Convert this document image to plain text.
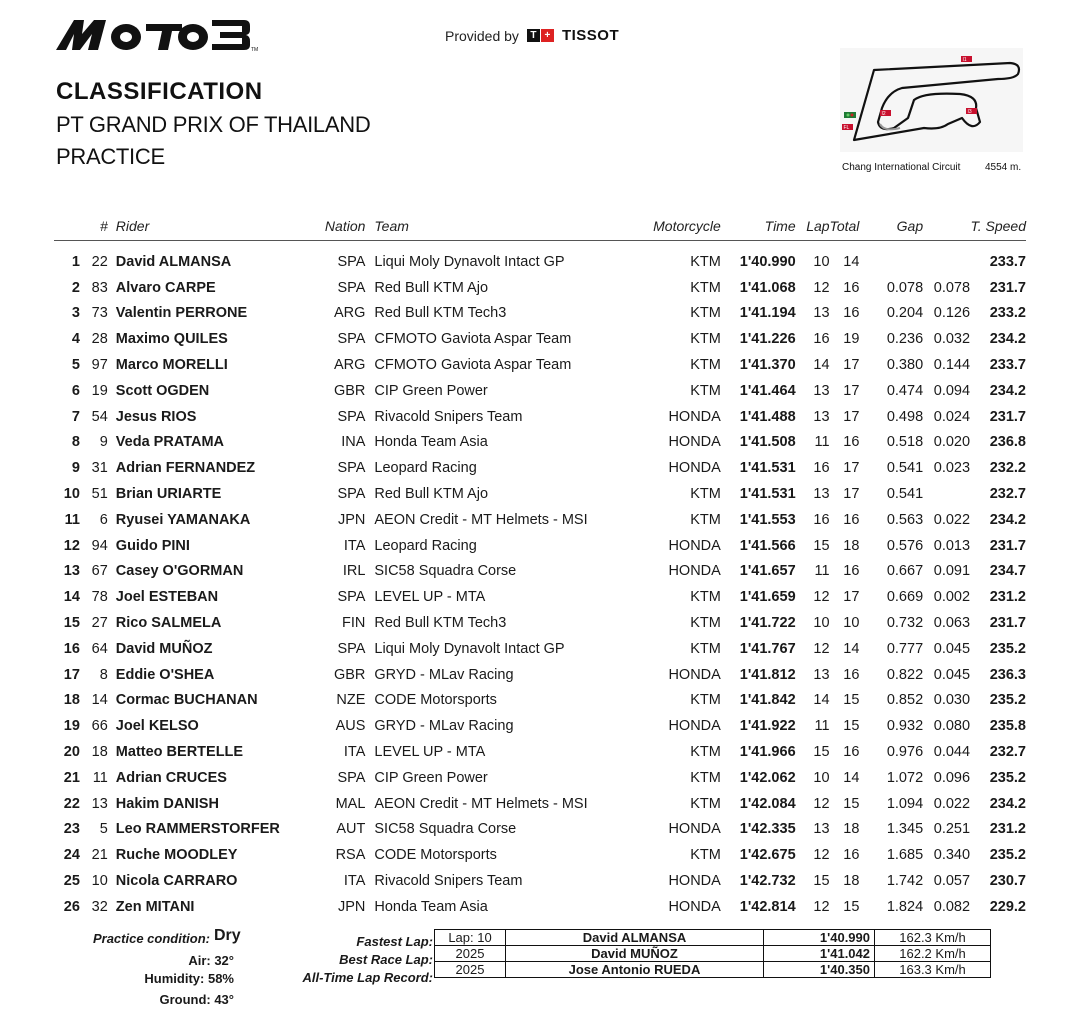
TM
Provided by	T + TISSOT
CLASSIFICATION
PT GRAND PRIX OF THAILAND
PRACTICE
I1
I2	I3
FL
Chang International Circuit 4554 m.
	#	Rider	Nation	Team	Motorcycle	Time	Lap	Total	Gap		T. Speed
1	22	David ALMANSA	SPA	Liqui Moly Dynavolt Intact GP	KTM	1'40.990	10	14			233.7
2	83	Alvaro CARPE	SPA	Red Bull KTM Ajo	KTM	1'41.068	12	16	0.078	0.078	231.7
3	73	Valentin PERRONE	ARG	Red Bull KTM Tech3	KTM	1'41.194	13	16	0.204	0.126	233.2
4	28	Maximo QUILES	SPA	CFMOTO Gaviota Aspar Team	KTM	1'41.226	16	19	0.236	0.032	234.2
5	97	Marco MORELLI	ARG	CFMOTO Gaviota Aspar Team	KTM	1'41.370	14	17	0.380	0.144	233.7
6	19	Scott OGDEN	GBR	CIP Green Power	KTM	1'41.464	13	17	0.474	0.094	234.2
7	54	Jesus RIOS	SPA	Rivacold Snipers Team	HONDA	1'41.488	13	17	0.498	0.024	231.7
8	9	Veda PRATAMA	INA	Honda Team Asia	HONDA	1'41.508	11	16	0.518	0.020	236.8
9	31	Adrian FERNANDEZ	SPA	Leopard Racing	HONDA	1'41.531	16	17	0.541	0.023	232.2
10	51	Brian URIARTE	SPA	Red Bull KTM Ajo	KTM	1'41.531	13	17	0.541		232.7
11	6	Ryusei YAMANAKA	JPN	AEON Credit - MT Helmets - MSI	KTM	1'41.553	16	16	0.563	0.022	234.2
12	94	Guido PINI	ITA	Leopard Racing	HONDA	1'41.566	15	18	0.576	0.013	231.7
13	67	Casey O'GORMAN	IRL	SIC58 Squadra Corse	HONDA	1'41.657	11	16	0.667	0.091	234.7
14	78	Joel ESTEBAN	SPA	LEVEL UP - MTA	KTM	1'41.659	12	17	0.669	0.002	231.2
15	27	Rico SALMELA	FIN	Red Bull KTM Tech3	KTM	1'41.722	10	10	0.732	0.063	231.7
16	64	David MUÑOZ	SPA	Liqui Moly Dynavolt Intact GP	KTM	1'41.767	12	14	0.777	0.045	235.2
17	8	Eddie O'SHEA	GBR	GRYD - MLav Racing	HONDA	1'41.812	13	16	0.822	0.045	236.3
18	14	Cormac BUCHANAN	NZE	CODE Motorsports	KTM	1'41.842	14	15	0.852	0.030	235.2
19	66	Joel KELSO	AUS	GRYD - MLav Racing	HONDA	1'41.922	11	15	0.932	0.080	235.8
20	18	Matteo BERTELLE	ITA	LEVEL UP - MTA	KTM	1'41.966	15	16	0.976	0.044	232.7
21	11	Adrian CRUCES	SPA	CIP Green Power	KTM	1'42.062	10	14	1.072	0.096	235.2
22	13	Hakim DANISH	MAL	AEON Credit - MT Helmets - MSI	KTM	1'42.084	12	15	1.094	0.022	234.2
23	5	Leo RAMMERSTORFER	AUT	SIC58 Squadra Corse	HONDA	1'42.335	13	18	1.345	0.251	231.2
24	21	Ruche MOODLEY	RSA	CODE Motorsports	KTM	1'42.675	12	16	1.685	0.340	235.2
25	10	Nicola CARRARO	ITA	Rivacold Snipers Team	HONDA	1'42.732	15	18	1.742	0.057	230.7
26	32	Zen MITANI	JPN	Honda Team Asia	HONDA	1'42.814	12	15	1.824	0.082	229.2
Practice condition: Dry
Air: 32°
Humidity: 58%
Ground: 43°
Fastest Lap:
Best Race Lap:
All-Time Lap Record:
Lap: 10	David ALMANSA	1'40.990	162.3 Km/h
2025	David MUÑOZ	1'41.042	162.2 Km/h
2025	Jose Antonio RUEDA	1'40.350	163.3 Km/h
